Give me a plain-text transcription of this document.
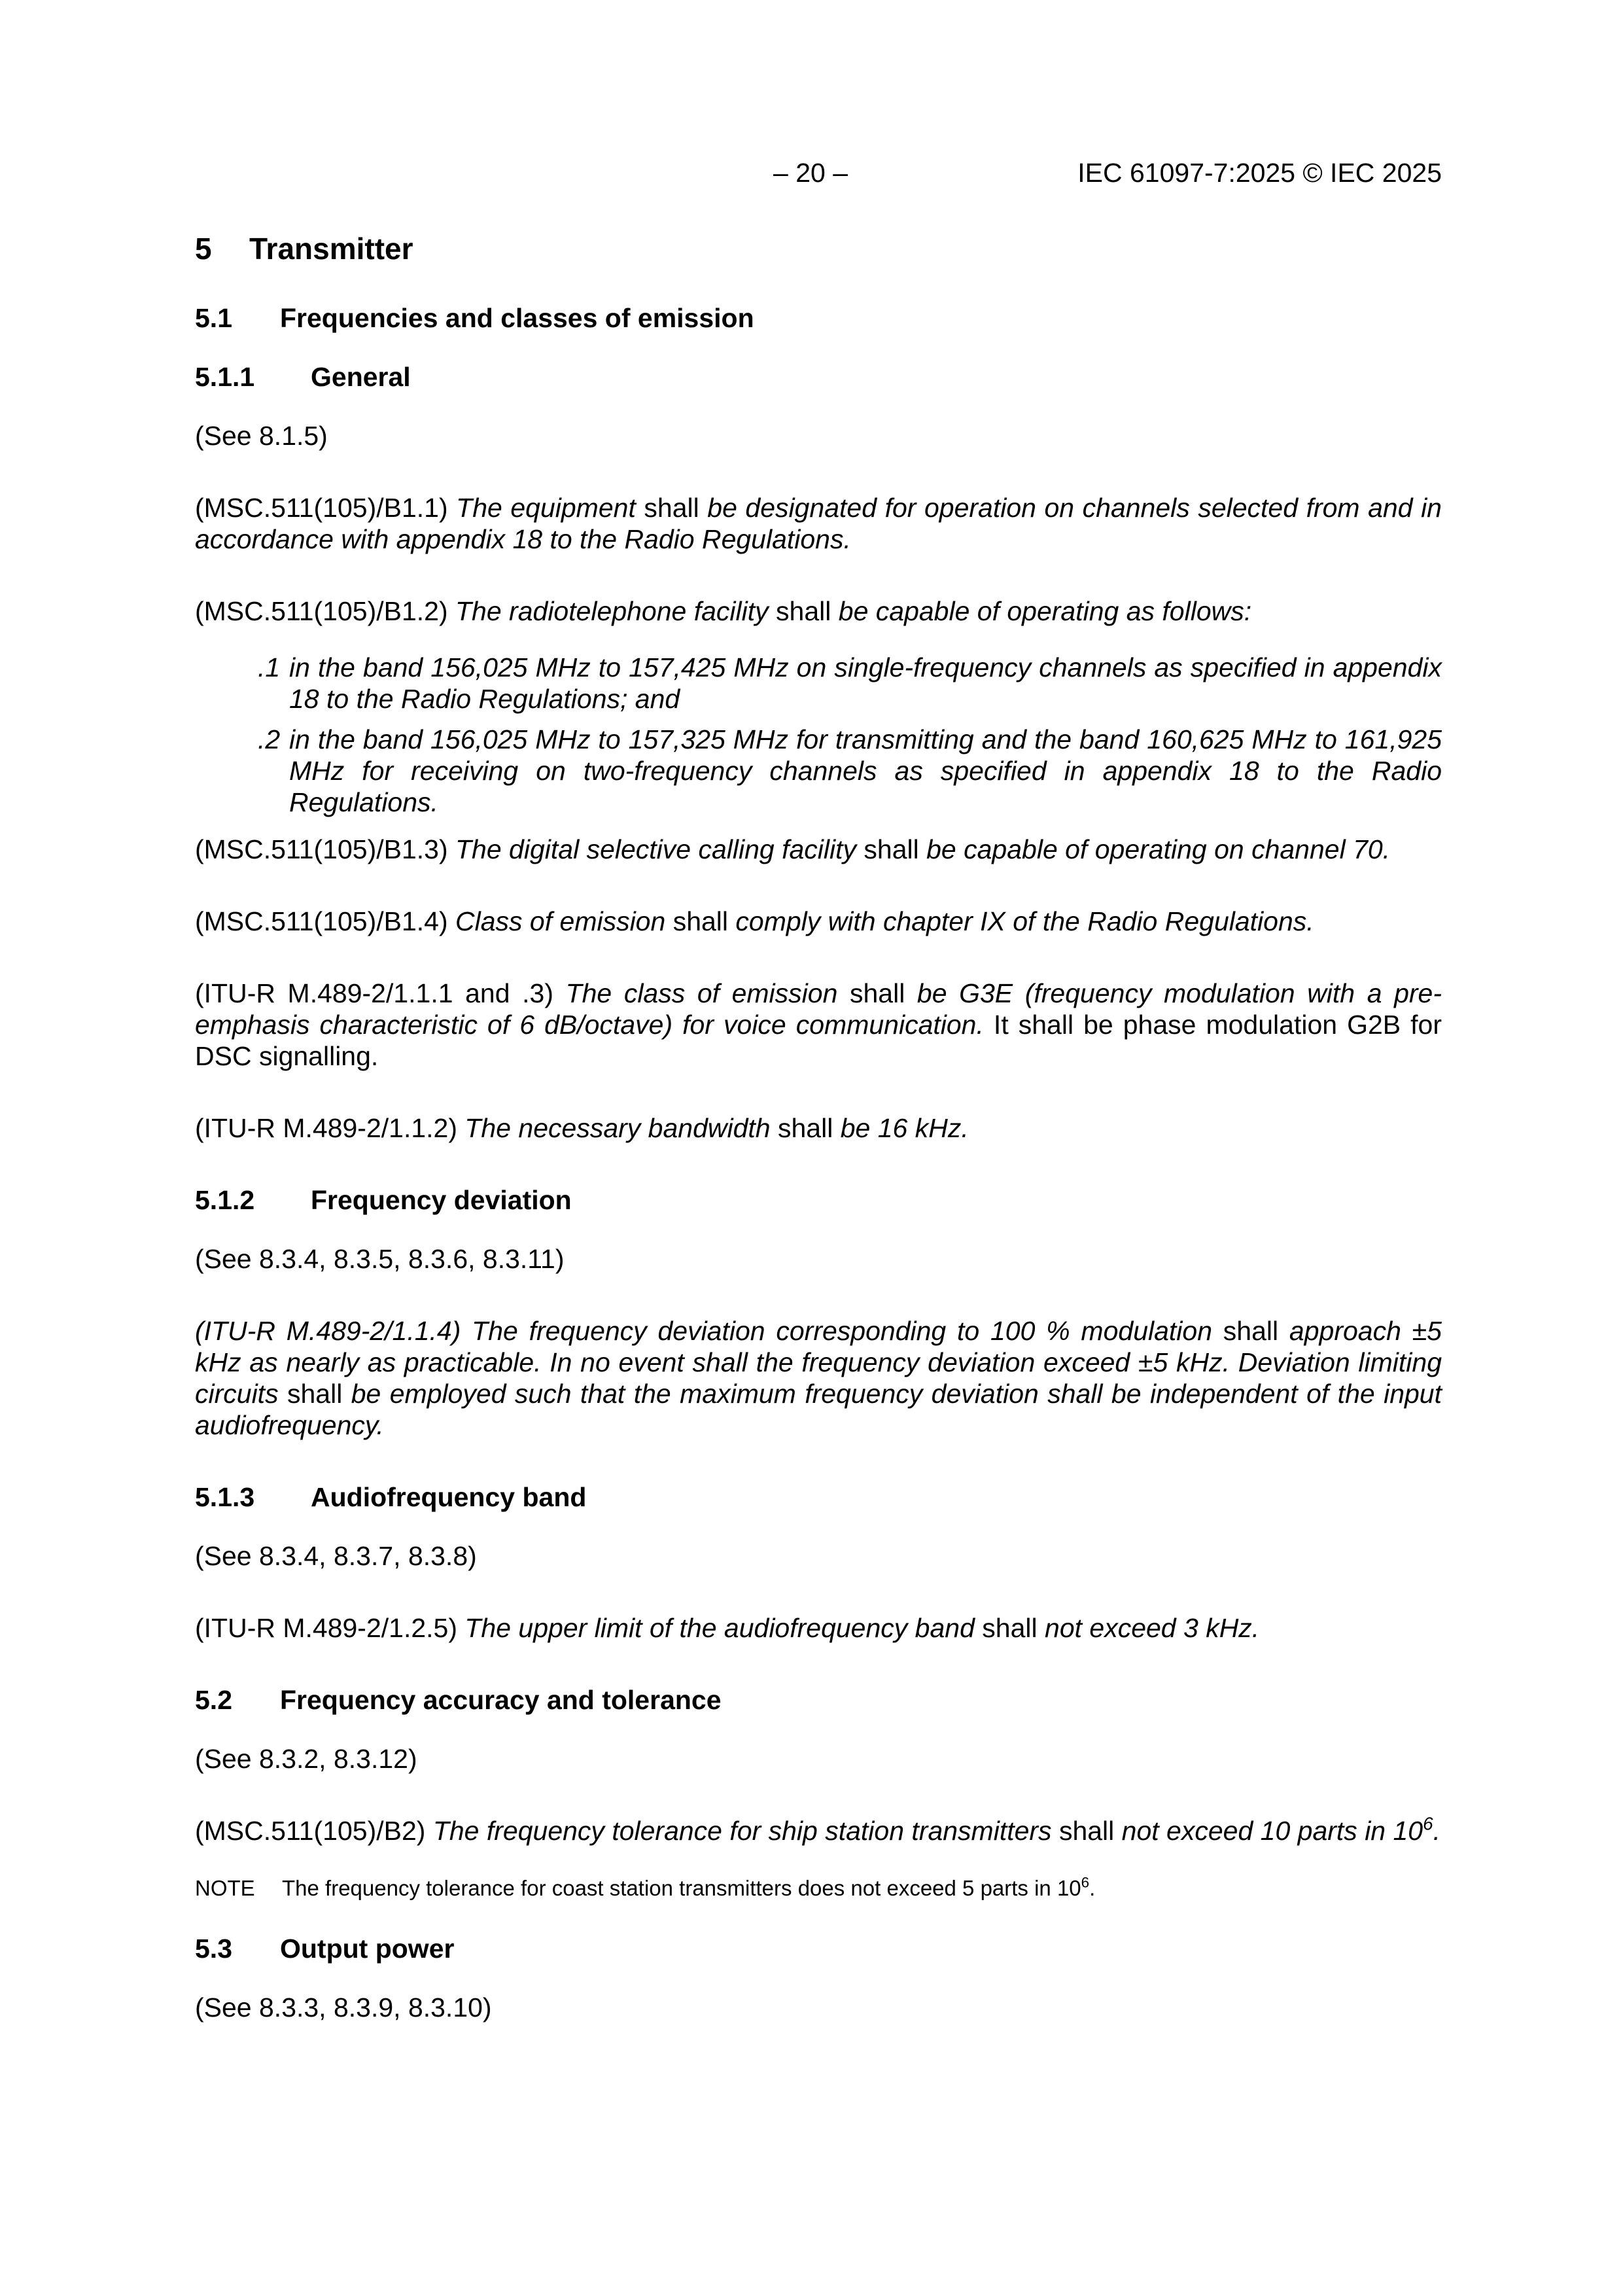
– 20 –	IEC 61097-7:2025 © IEC 2025
5	Transmitter
5.1	Frequencies and classes of emission
5.1.1	General

(See 8.1.5)

(MSC.511(105)/B1.1) The equipment shall be designated for operation on channels selected from and in accordance with appendix 18 to the Radio Regulations.

(MSC.511(105)/B1.2) The radiotelephone facility shall be capable of operating as follows:

.1 in the band 156,025 MHz to 157,425 MHz on single-frequency channels as specified in appendix 18 to the Radio Regulations; and
.2 in the band 156,025 MHz to 157,325 MHz for transmitting and the band 160,625 MHz to 161,925 MHz for receiving on two-frequency channels as specified in appendix 18 to the Radio Regulations.

(MSC.511(105)/B1.3) The digital selective calling facility shall be capable of operating on channel 70.

(MSC.511(105)/B1.4) Class of emission shall comply with chapter IX of the Radio Regulations.

(ITU-R M.489-2/1.1.1 and .3) The class of emission shall be G3E (frequency modulation with a pre-emphasis characteristic of 6 dB/octave) for voice communication. It shall be phase modulation G2B for DSC signalling.

(ITU-R M.489-2/1.1.2) The necessary bandwidth shall be 16 kHz.

5.1.2	Frequency deviation

(See 8.3.4, 8.3.5, 8.3.6, 8.3.11)

(ITU-R M.489-2/1.1.4) The frequency deviation corresponding to 100 % modulation shall approach ±5 kHz as nearly as practicable. In no event shall the frequency deviation exceed ±5 kHz. Deviation limiting circuits shall be employed such that the maximum frequency deviation shall be independent of the input audiofrequency.

5.1.3	Audiofrequency band

(See 8.3.4, 8.3.7, 8.3.8)

(ITU-R M.489-2/1.2.5) The upper limit of the audiofrequency band shall not exceed 3 kHz.

5.2	Frequency accuracy and tolerance

(See 8.3.2, 8.3.12)

(MSC.511(105)/B2) The frequency tolerance for ship station transmitters shall not exceed 10 parts in $10^6$.

NOTE	The frequency tolerance for coast station transmitters does not exceed 5 parts in $10^6$.
5.3	Output power

(See 8.3.3, 8.3.9, 8.3.10)
